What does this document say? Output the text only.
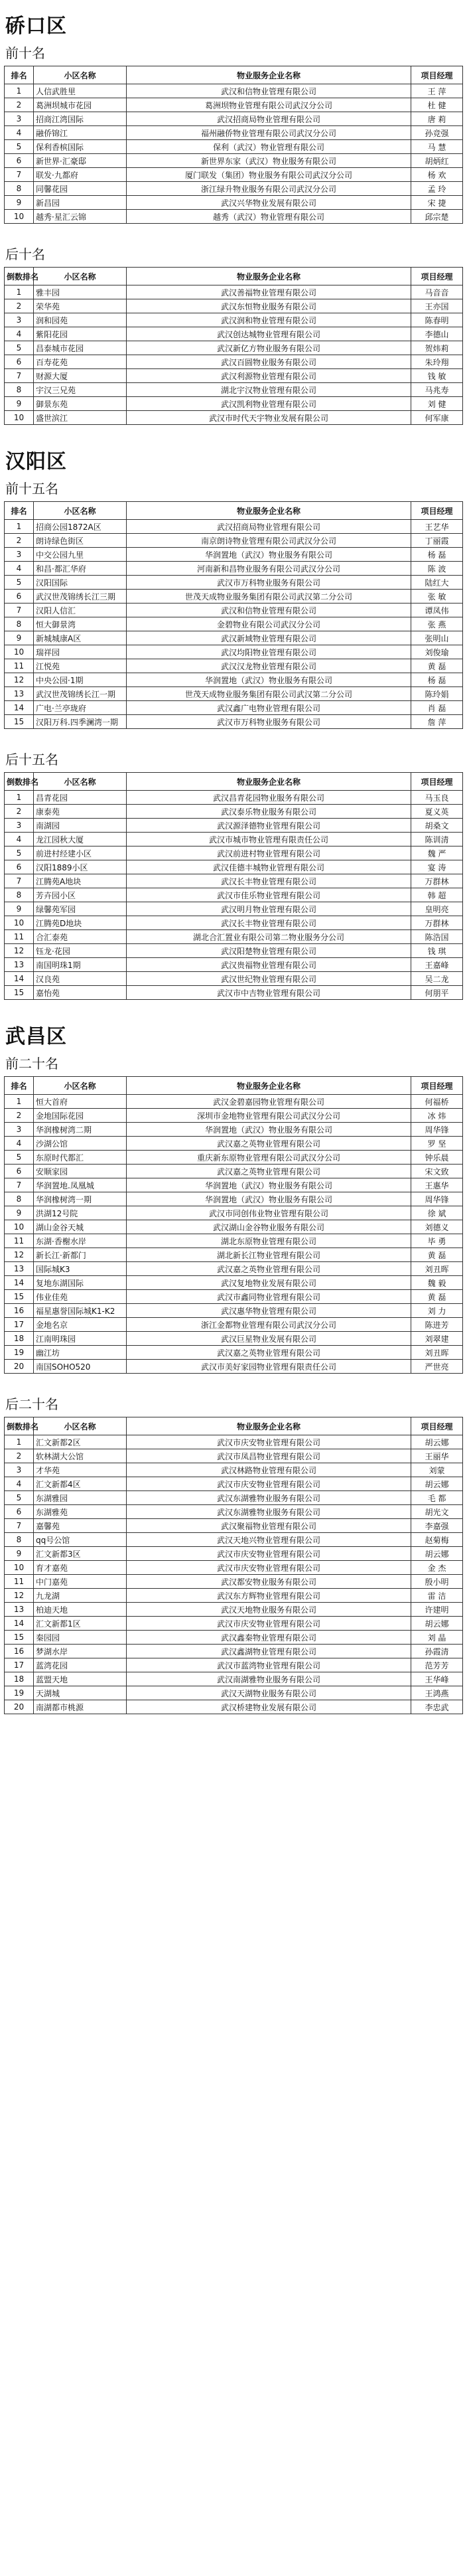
硚口区
前十名
排名	小区名称	物业服务企业名称	项目经理
1	人信武胜里	武汉和信物业管理有限公司	王 萍
2	葛洲坝城市花园	葛洲坝物业管理有限公司武汉分公司	杜 健
3	招商江湾国际	武汉招商局物业管理有限公司	唐 莉
4	融侨锦江	福州融侨物业管理有限公司武汉分公司	孙竞强
5	保利香槟国际	保利（武汉）物业管理有限公司	马 慧
6	新世界·汇豪邸	新世界东家（武汉）物业服务有限公司	胡炳红
7	联发·九都府	厦门联发（集团）物业服务有限公司武汉分公司	杨 欢
8	同馨花园	浙江绿升物业服务有限公司武汉分公司	孟 玲
9	新昌园	武汉兴华物业发展有限公司	宋 捷
10	越秀·星汇云锦	越秀（武汉）物业管理有限公司	邱宗楚
后十名
倒数排名	小区名称	物业服务企业名称	项目经理
1	雅丰园	武汉善福物业管理有限公司	马音音
2	荣华苑	武汉东恒物业服务有限公司	王亦国
3	润和园苑	武汉润和物业管理有限公司	陈春明
4	紫阳花园	武汉创达城物业管理有限公司	李德山
5	昌泰城市花园	武汉新亿方物业服务有限公司	贺炜莉
6	百寿花苑	武汉百圆物业服务有限公司	朱玲翔
7	财源大厦	武汉利源物业管理有限公司	钱 敏
8	宇汉三兄苑	湖北宇汉物业管理有限公司	马兆寿
9	御景东苑	武汉凯利物业管理有限公司	刘 健
10	盛世滨江	武汉市时代天宇物业发展有限公司	何军康
汉阳区
前十五名
排名	小区名称	物业服务企业名称	项目经理
1	招商公园1872A区	武汉招商局物业管理有限公司	王艺华
2	朗诗绿色街区	南京朗诗物业管理有限公司武汉分公司	丁丽霞
3	中交公园九里	华润置地（武汉）物业服务有限公司	杨 磊
4	和昌·都汇华府	河南新和昌物业服务有限公司武汉分公司	陈 波
5	汉阳国际	武汉市万科物业服务有限公司	陆红大
6	武汉世茂锦绣长江三期	世茂天成物业服务集团有限公司武汉第二分公司	张 敏
7	汉阳人信汇	武汉和信物业管理有限公司	谭凤伟
8	恒大御景湾	金碧物业有限公司武汉分公司	张 燕
9	新城城康A区	武汉新域物业管理有限公司	张明山
10	瑞祥园	武汉均阳物业管理有限公司	刘俊瑜
11	江悦苑	武汉汉龙物业管理有限公司	黄 磊
12	中央公园·1期	华润置地（武汉）物业服务有限公司	杨 磊
13	武汉世茂锦绣长江一期	世茂天成物业服务集团有限公司武汉第二分公司	陈玲娟
14	广电·兰亭珑府	武汉鑫广电物业管理有限公司	肖 磊
15	汉阳万科.四季澜湾一期	武汉市万科物业服务有限公司	詹 萍
后十五名
倒数排名	小区名称	物业服务企业名称	项目经理
1	昌青花园	武汉昌青花园物业服务有限公司	马玉良
2	康泰苑	武汉泰乐物业服务有限公司	夏义英
3	南湖园	武汉源泽德物业管理有限公司	胡桑文
4	龙江园秋大厦	武汉市城市物业管理有限责任公司	陈训清
5	前进村经建小区	武汉前进村物业管理有限公司	魏 严
6	汉阳1889小区	武汉佳德丰城物业管理有限公司	宴 涛
7	江腾苑A地块	武汉长丰物业管理有限公司	万群林
8	芳卉园小区	武汉市佳乐物业管理有限公司	韩 超
9	绿馨苑军园	武汉明月物业管理有限公司	皇明亮
10	江腾苑D地块	武汉长丰物业管理有限公司	万群林
11	合汇泰苑	湖北合汇置业有限公司第二物业服务分公司	陈浩国
12	钰龙·花园	武汉阳楚物业管理有限公司	钱 琪
13	南国明珠1期	武汉贵福物业管理有限公司	王嘉峰
14	汉良苑	武汉世纪物业管理有限公司	吴二龙
15	嘉怡苑	武汉市中吉物业管理有限公司	何朋平
武昌区
前二十名
排名	小区名称	物业服务企业名称	项目经理
1	恒大首府	武汉金碧嘉园物业管理有限公司	何福桥
2	金地国际花园	深圳市金地物业管理有限公司武汉分公司	冰 炜
3	华润橡树湾二期	华润置地（武汉）物业服务有限公司	周华锋
4	沙湖公馆	武汉嘉之英物业管理有限公司	罗 坚
5	东原时代都汇	重庆新东原物业管理有限公司武汉分公司	钟乐晨
6	安顺家园	武汉嘉之英物业管理有限公司	宋文致
7	华润置地.凤凰城	华润置地（武汉）物业服务有限公司	王惠华
8	华润橡树湾一期	华润置地（武汉）物业服务有限公司	周华锋
9	洪湖12号院	武汉市同创伟业物业管理有限公司	徐 斌
10	湖山金谷天城	武汉湖山金谷物业服务有限公司	刘德义
11	东湖·香榭水岸	湖北东原物业管理有限公司	毕 勇
12	新长江·新都门	湖北新长江物业管理有限公司	黄 磊
13	国际城K3	武汉嘉之英物业管理有限公司	刘丑晖
14	复地东湖国际	武汉复地物业发展有限公司	魏 毅
15	伟业佳苑	武汉市鑫同物业管理有限公司	黄 磊
16	福星惠誉国际城K1-K2	武汉惠华物业管理有限公司	刘 力
17	金地名京	浙江金都物业管理有限公司武汉分公司	陈进芳
18	江南明珠园	武汉巨星物业发展有限公司	刘翠建
19	幽江坊	武汉嘉之英物业管理有限公司	刘丑晖
20	南国SOHO520	武汉市美好家园物业管理有限责任公司	严世亮
后二十名
倒数排名	小区名称	物业服务企业名称	项目经理
1	汇文新都2区	武汉市庆安物业管理有限公司	胡云娜
2	软林湖大公馆	武汉市凤昌物业管理有限公司	王丽华
3	才华苑	武汉林路物业管理有限公司	刘蒙
4	汇文新都4区	武汉市庆安物业管理有限公司	胡云娜
5	东湖雅园	武汉东湖雅物业服务有限公司	毛 都
6	东湖雅苑	武汉东湖雅物业服务有限公司	胡光文
7	嘉馨苑	武汉聚福物业管理有限公司	李嘉强
8	qq号公馆	武汉天地兴物业管理有限公司	赵菊梅
9	汇文新都3区	武汉市庆安物业管理有限公司	胡云娜
10	育才嘉苑	武汉市庆安物业管理有限公司	金 杰
11	中门嘉苑	武汉都安物业服务有限公司	殷小明
12	九龙湖	武汉东方辉物业管理有限公司	雷 洁
13	柏迪天地	武汉天地物业服务有限公司	许建明
14	汇文新都1区	武汉市庆安物业管理有限公司	胡云娜
15	秦园园	武汉鑫秦物业管理有限公司	刘 晶
16	梦湖水岸	武汉鑫湖物业管理有限公司	孙霞清
17	蓝湾花园	武汉市蓝湾物业管理有限公司	范芳芳
18	蓝盟天地	武汉南湖雅物业服务有限公司	王华峰
19	天湖城	武汉天湖物业服务有限公司	王鸿燕
20	南湖都市桃源	武汉桥建物业发展有限公司	李忠武
